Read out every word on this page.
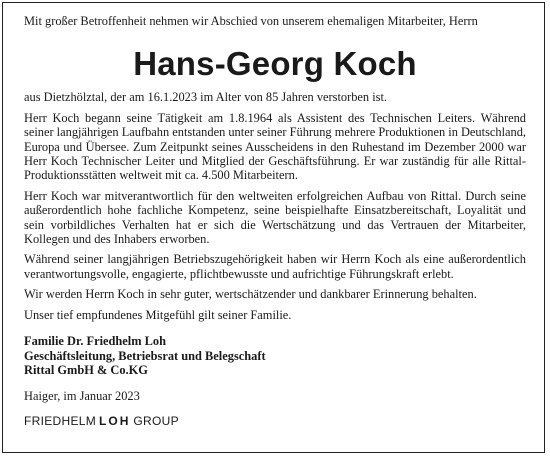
Mit großer Betroffenheit nehmen wir Abschied von unserem ehemaligen Mitarbeiter, Herrn

Hans-Georg Koch

aus Dietzhölztal, der am 16.1.2023 im Alter von 85 Jahren verstorben ist.

Herr Koch begann seine Tätigkeit am 1.8.1964 als Assistent des Technischen Leiters. Während seiner langjährigen Laufbahn entstanden unter seiner Führung mehrere Produktionen in Deutschland, Europa und Übersee. Zum Zeitpunkt seines Ausscheidens in den Ruhestand im Dezember 2000 war Herr Koch Technischer Leiter und Mitglied der Geschäftsführung. Er war zuständig für alle Rittal-Produktionsstätten weltweit mit ca. 4.500 Mitarbeitern.

Herr Koch war mitverantwortlich für den weltweiten erfolgreichen Aufbau von Rittal. Durch seine außerordentlich hohe fachliche Kompetenz, seine beispielhafte Einsatzbereitschaft, Loyalität und sein vorbildliches Verhalten hat er sich die Wertschätzung und das Vertrauen der Mitarbeiter, Kollegen und des Inhabers erworben.

Während seiner langjährigen Betriebszugehörigkeit haben wir Herrn Koch als eine außerordentlich verantwortungsvolle, engagierte, pflichtbewusste und aufrichtige Führungskraft erlebt.

Wir werden Herrn Koch in sehr guter, wertschätzender und dankbarer Erinnerung behalten.

Unser tief empfundenes Mitgefühl gilt seiner Familie.

Familie Dr. Friedhelm Loh

Geschäftsleitung, Betriebsrat und Belegschaft

Rittal GmbH & Co.KG

Haiger, im Januar 2023

FRIEDHELM LOH GROUP
